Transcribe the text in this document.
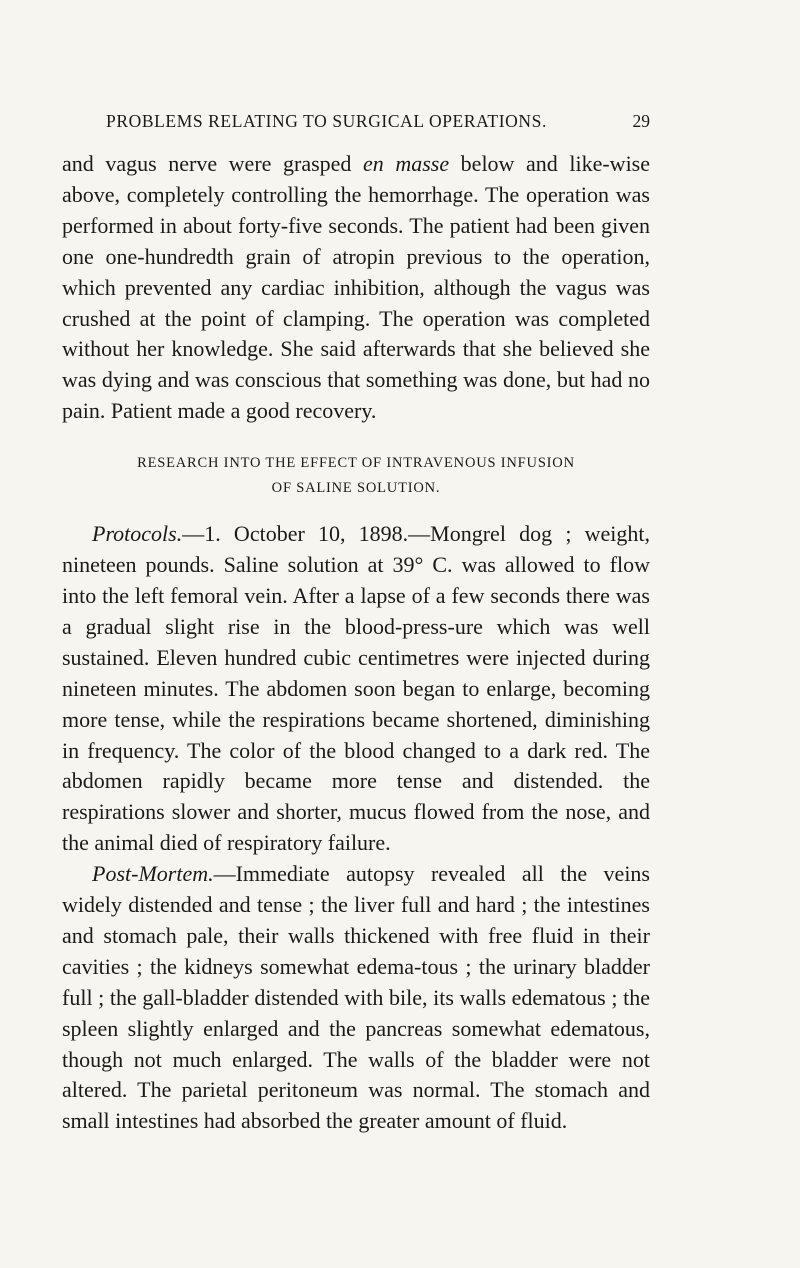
PROBLEMS RELATING TO SURGICAL OPERATIONS.	29

and vagus nerve were grasped en masse below and like-wise above, completely controlling the hemorrhage. The operation was performed in about forty-five seconds. The patient had been given one one-hundredth grain of atropin previous to the operation, which prevented any cardiac inhibition, although the vagus was crushed at the point of clamping. The operation was completed without her knowledge. She said afterwards that she believed she was dying and was conscious that something was done, but had no pain. Patient made a good recovery.

RESEARCH INTO THE EFFECT OF INTRAVENOUS INFUSION
OF SALINE SOLUTION.

Protocols.—1. October 10, 1898.—Mongrel dog ; weight, nineteen pounds. Saline solution at 39° C. was allowed to flow into the left femoral vein. After a lapse of a few seconds there was a gradual slight rise in the blood-press-ure which was well sustained. Eleven hundred cubic centimetres were injected during nineteen minutes. The abdomen soon began to enlarge, becoming more tense, while the respirations became shortened, diminishing in frequency. The color of the blood changed to a dark red. The abdomen rapidly became more tense and distended. the respirations slower and shorter, mucus flowed from the nose, and the animal died of respiratory failure.

Post-Mortem.—Immediate autopsy revealed all the veins widely distended and tense ; the liver full and hard ; the intestines and stomach pale, their walls thickened with free fluid in their cavities ; the kidneys somewhat edema-tous ; the urinary bladder full ; the gall-bladder distended with bile, its walls edematous ; the spleen slightly enlarged and the pancreas somewhat edematous, though not much enlarged. The walls of the bladder were not altered. The parietal peritoneum was normal. The stomach and small intestines had absorbed the greater amount of fluid.
